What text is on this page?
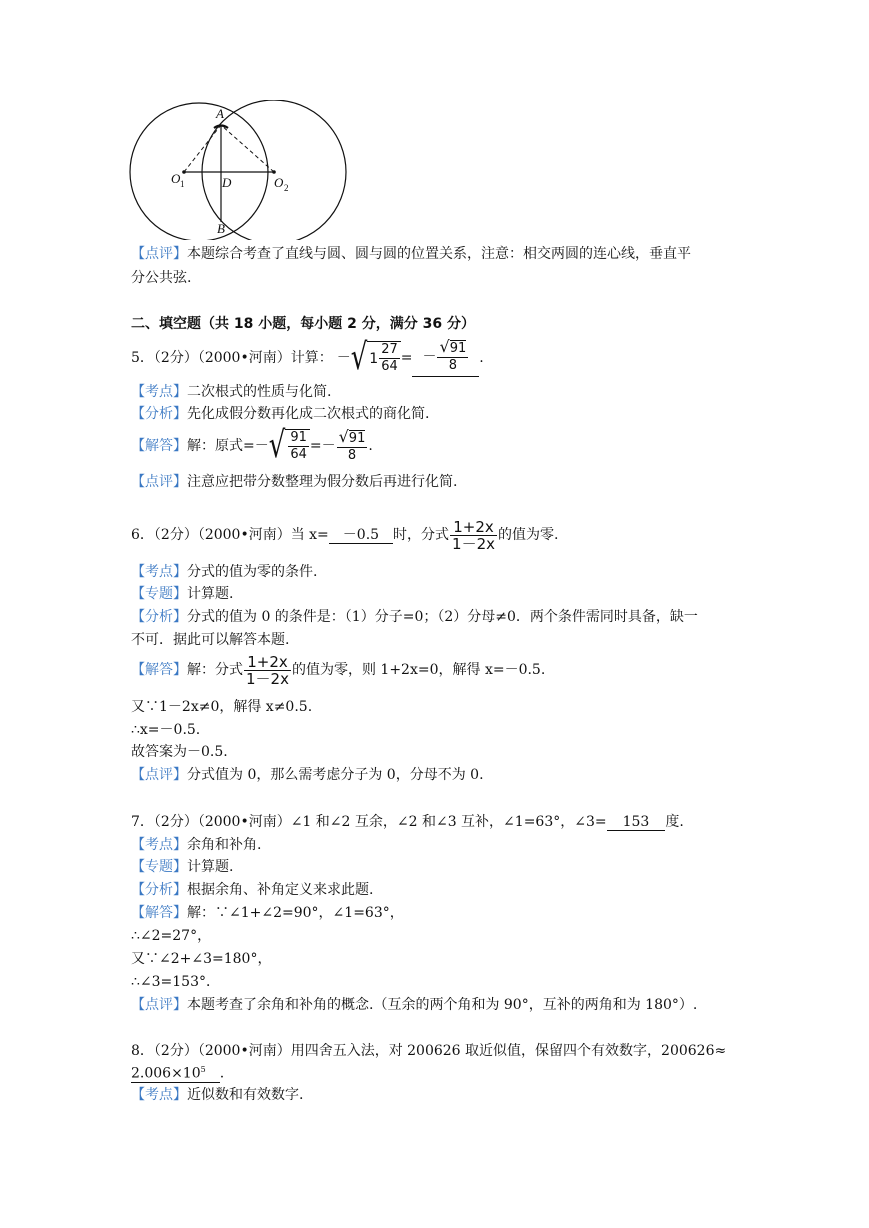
A
B
D
O 1	O 2
【点评】本题综合考查了直线与圆、圆与圆的位置关系，注意：相交两圆的连心线，垂直平
分公共弦.
二、填空题（共 18 小题，每小题 2 分，满分 36 分）
5．（2分）（2000•河南）计算： － √ $1 \frac{27}{64}$ = － $\frac{√91}{8}$ .
【考点】二次根式的性质与化简.
【分析】先化成假分数再化成二次根式的商化简.
【解答】 解：原式=－ √ $\frac{91}{64} =- \frac{√91}{8}$ .
【点评】注意应把带分数整理为假分数后再进行化简.
6．（2分）（2000•河南）当 x=	－0.5	时，分式 $\frac{1+2x}{1-2x}$ 的值为零.
【考点】分式的值为零的条件.
【专题】计算题.
【分析】分式的值为 0 的条件是：（1）分子=0；（2）分母≠0．两个条件需同时具备，缺一
不可．据此可以解答本题.
【解答】 解：分式 $\frac{1+2x}{1-2x}$ 的值为零，则 1+2x=0，解得 x=－0.5.
又∵1－2x≠0，解得 x≠0.5.
∴x=－0.5.
故答案为－0.5.
【点评】分式值为 0，那么需考虑分子为 0，分母不为 0.
7．（2分）（2000•河南）∠1 和∠2 互余，∠2 和∠3 互补，∠1=63°，∠3= 153 度.
【考点】余角和补角.
【专题】计算题.
【分析】根据余角、补角定义来求此题.
【解答】解：∵∠1+∠2=90°，∠1=63°，
∴∠2=27°，
又∵∠2+∠3=180°，
∴∠3=153°．
【点评】本题考查了余角和补角的概念.（互余的两个角和为 90°，互补的两角和为 180°）.
8．（2分）（2000•河南）用四舍五入法，对 200626 取近似值，保留四个有效数字，200626≈
$2.006\times 10^5$ .
【考点】近似数和有效数字.
